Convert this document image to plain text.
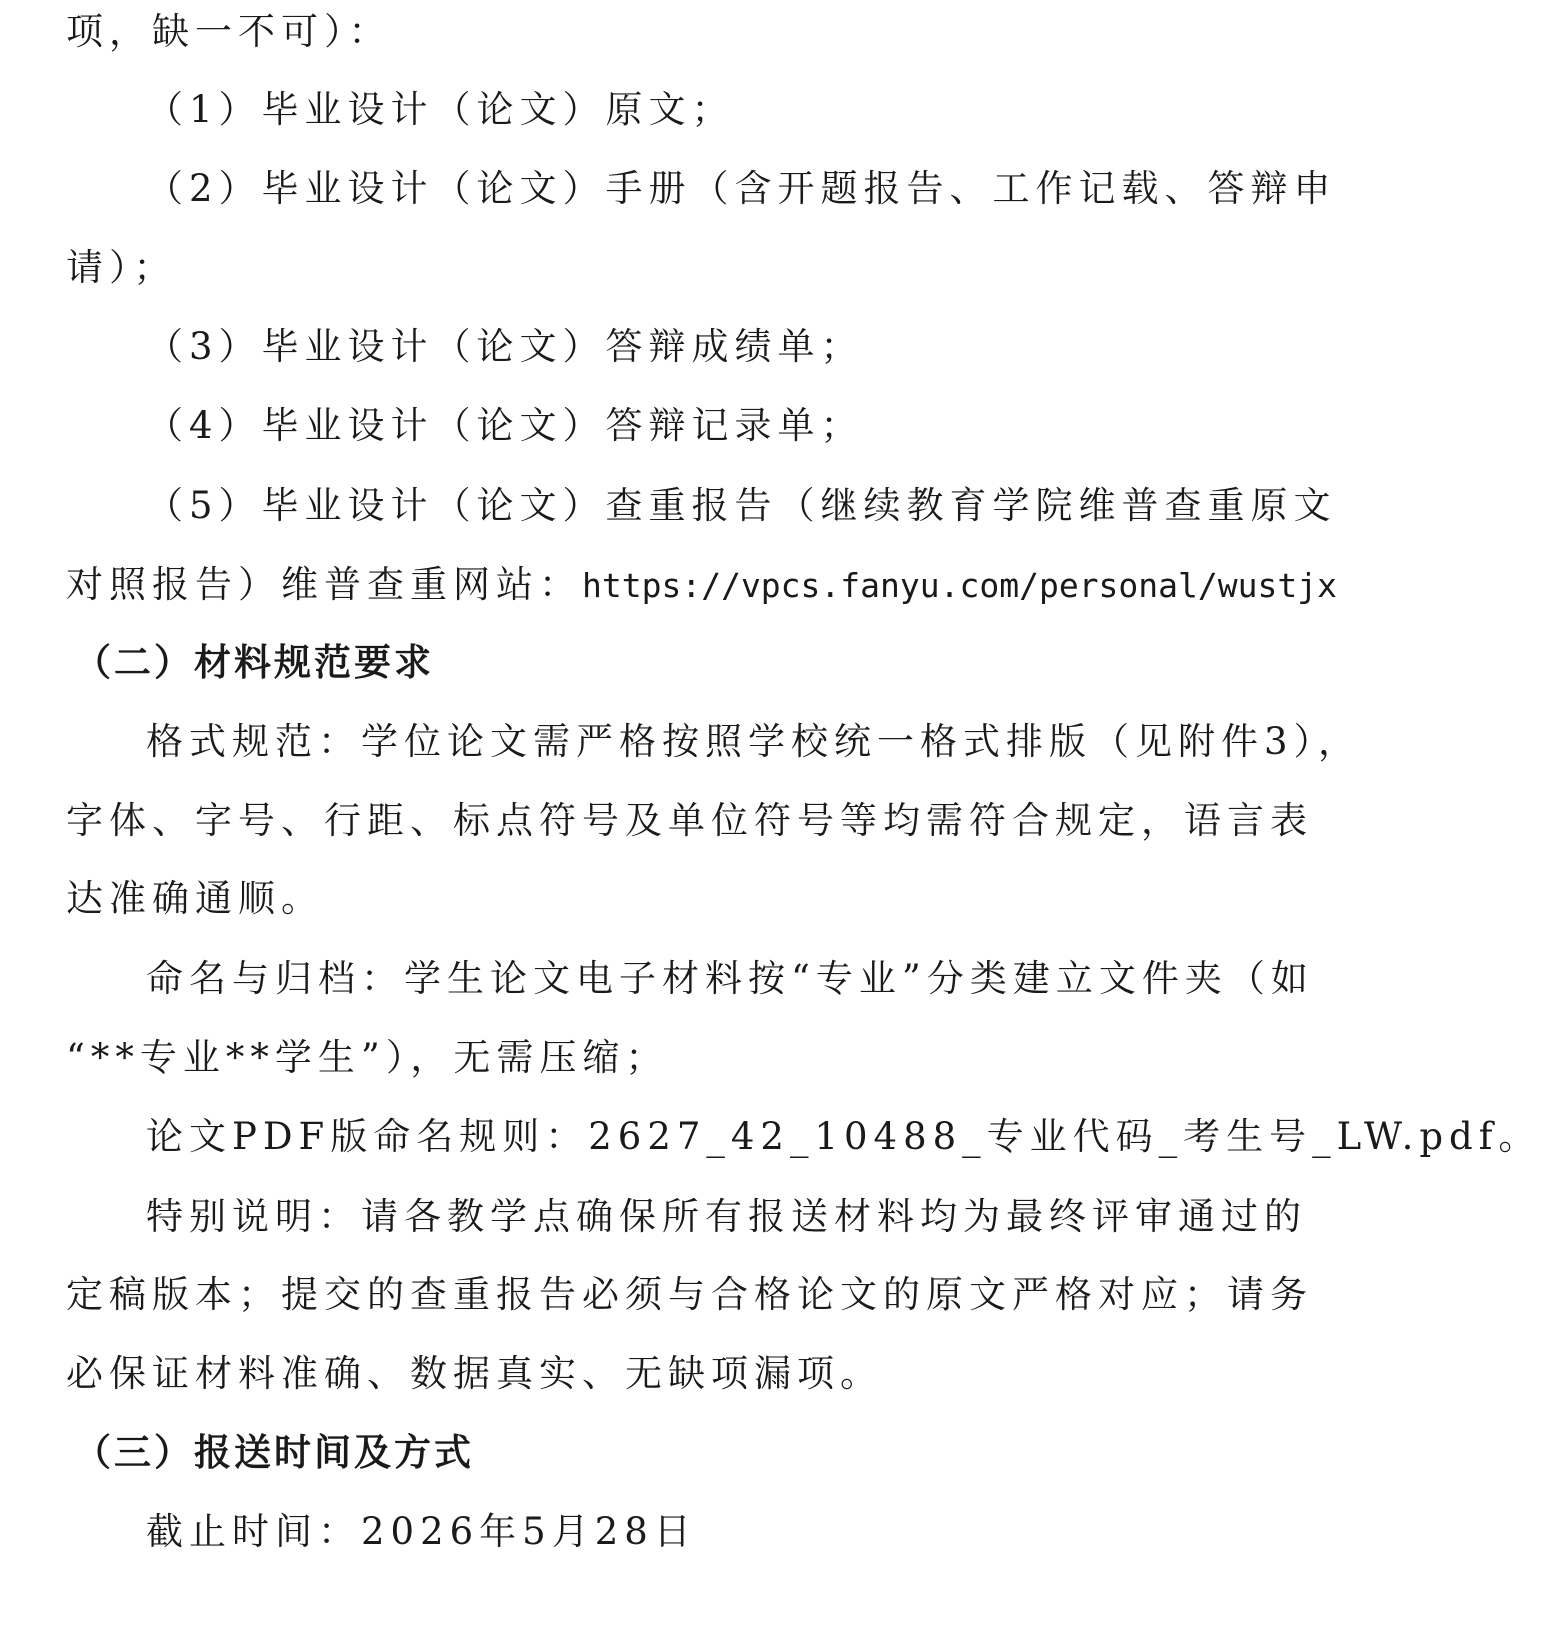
项，缺一不可）：
（1）毕业设计（论文）原文；
（2）毕业设计（论文）手册（含开题报告、工作记载、答辩申
请）；
（3）毕业设计（论文）答辩成绩单；
（4）毕业设计（论文）答辩记录单；
（5）毕业设计（论文）查重报告（继续教育学院维普查重原文
对照报告）维普查重网站：https://vpcs.fanyu.com/personal/wustjx
（二）材料规范要求
格式规范：学位论文需严格按照学校统一格式排版（见附件3），
字体、字号、行距、标点符号及单位符号等均需符合规定，语言表
达准确通顺。
命名与归档：学生论文电子材料按“专业”分类建立文件夹（如
“**专业**学生”），无需压缩；
论文PDF版命名规则：2627_42_10488_专业代码_考生号_LW.pdf。
特别说明：请各教学点确保所有报送材料均为最终评审通过的
定稿版本；提交的查重报告必须与合格论文的原文严格对应；请务
必保证材料准确、数据真实、无缺项漏项。
（三）报送时间及方式
截止时间：2026年5月28日
